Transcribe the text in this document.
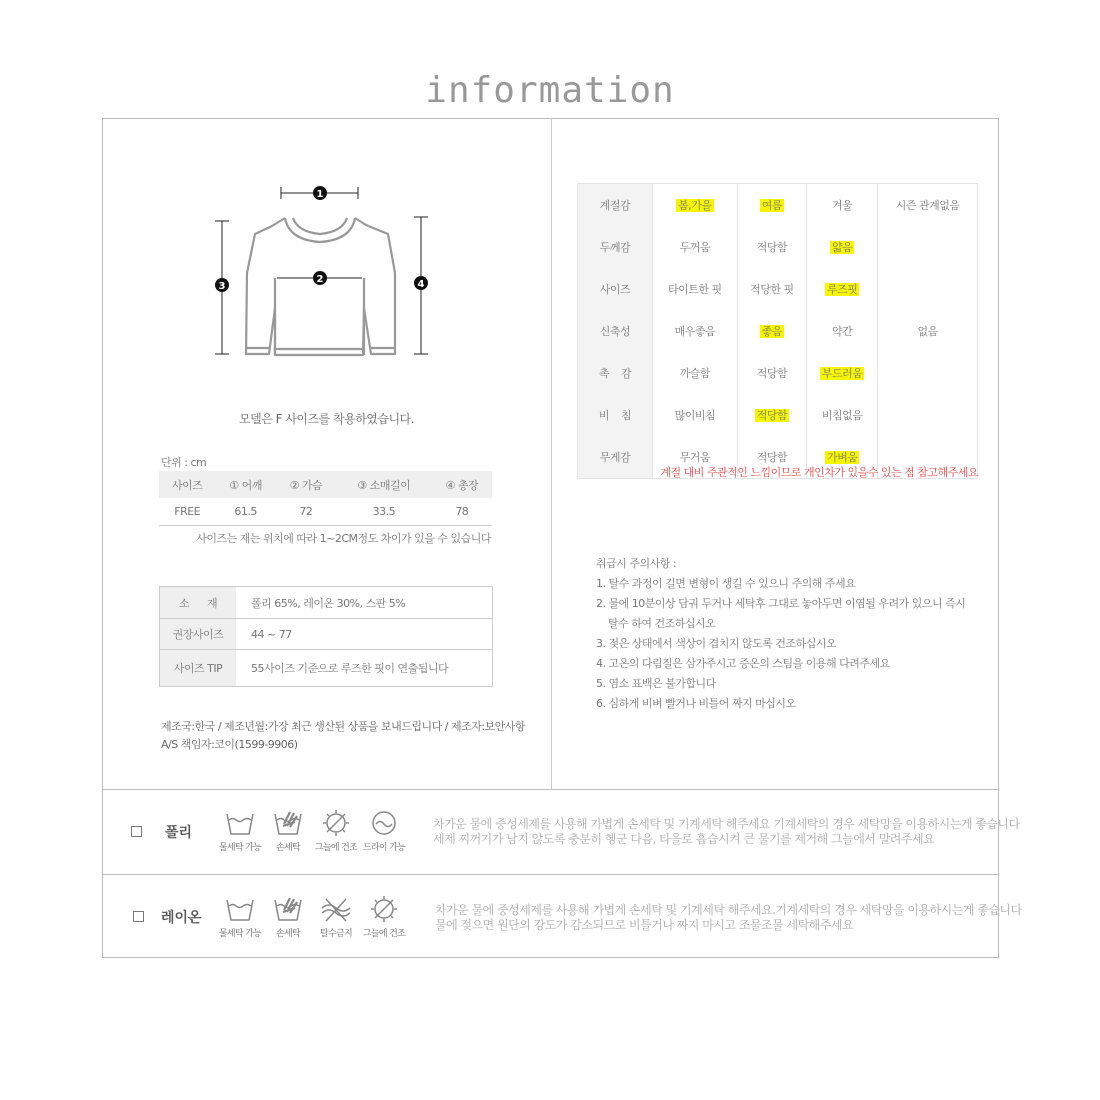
information
1
2
3	4
모델은 F 사이즈를 착용하였습니다.
단위 : cm
사이즈	① 어깨	② 가슴	③ 소매길이	④ 총장
FREE	61.5	72	33.5	78
사이즈는 재는 위치에 따라 1~2CM정도 차이가 있을 수 있습니다
소      재	폴리 65%, 레이온 30%, 스판 5%
권장사이즈	44 ~ 77
사이즈 TIP	55사이즈 기준으로 루즈한 핏이 연출됩니다
제조국:한국 / 제조년월:가장 최근 생산된 상품을 보내드립니다 / 제조자:보안사항
A/S 책임자:코이(1599-9906)
계절감	봄,가을	여름	겨울	시즌 관계없음
두께감	두꺼움	적당함	얇음	
사이즈	타이트한 핏	적당한 핏	루즈핏	
신축성	매우좋음	좋음	약간	없음
촉    감	까슬함	적당함	부드러움	
비    침	많이비침	적당함	비침없음	
무게감	무거움	적당함	가벼움	
계절 대비 주관적인 느낌이므로 개인차가 있을수 있는 점 참고해주세요
취급시 주의사항 :
1. 탈수 과정이 길면 변형이 생길 수 있으니 주의해 주세요
2. 물에 10분이상 담궈 두거나 세탁후 그대로 놓아두면 이염될 우려가 있으니 즉시
탈수 하여 건조하십시오
3. 젖은 상태에서 색상이 겹치지 않도록 건조하십시오
4. 고온의 다림질은 삼가주시고 증온의 스팀을 이용해 다려주세요
5. 염소 표백은 불가합니다
6. 심하게 비벼 빨거나 비틀어 짜지 마십시오
폴리
물세탁 가능	손세탁	그늘에 건조 드라이 가능
차가운 물에 중성세제를 사용해 가볍게 손세탁 및 기계세탁 해주세요 기계세탁의 경우 세탁망을 이용하시는게 좋습니다
세제 찌꺼기가 남지 않도록 충분히 헹군 다음, 타올로 흡습시켜 큰 물기를 제거해 그늘에서 말려주세요
레이온
물세탁 가능	손세탁	탈수금지	그늘에 건조
차가운 물에 중성세제를 사용해 가볍게 손세탁 및 기계세탁 해주세요.기계세탁의 경우 세탁망을 이용하시는게 좋습니다
물에 젖으면 원단의 강도가 감소되므로 비틀거나 짜지 마시고 조물조물 세탁해주세요
